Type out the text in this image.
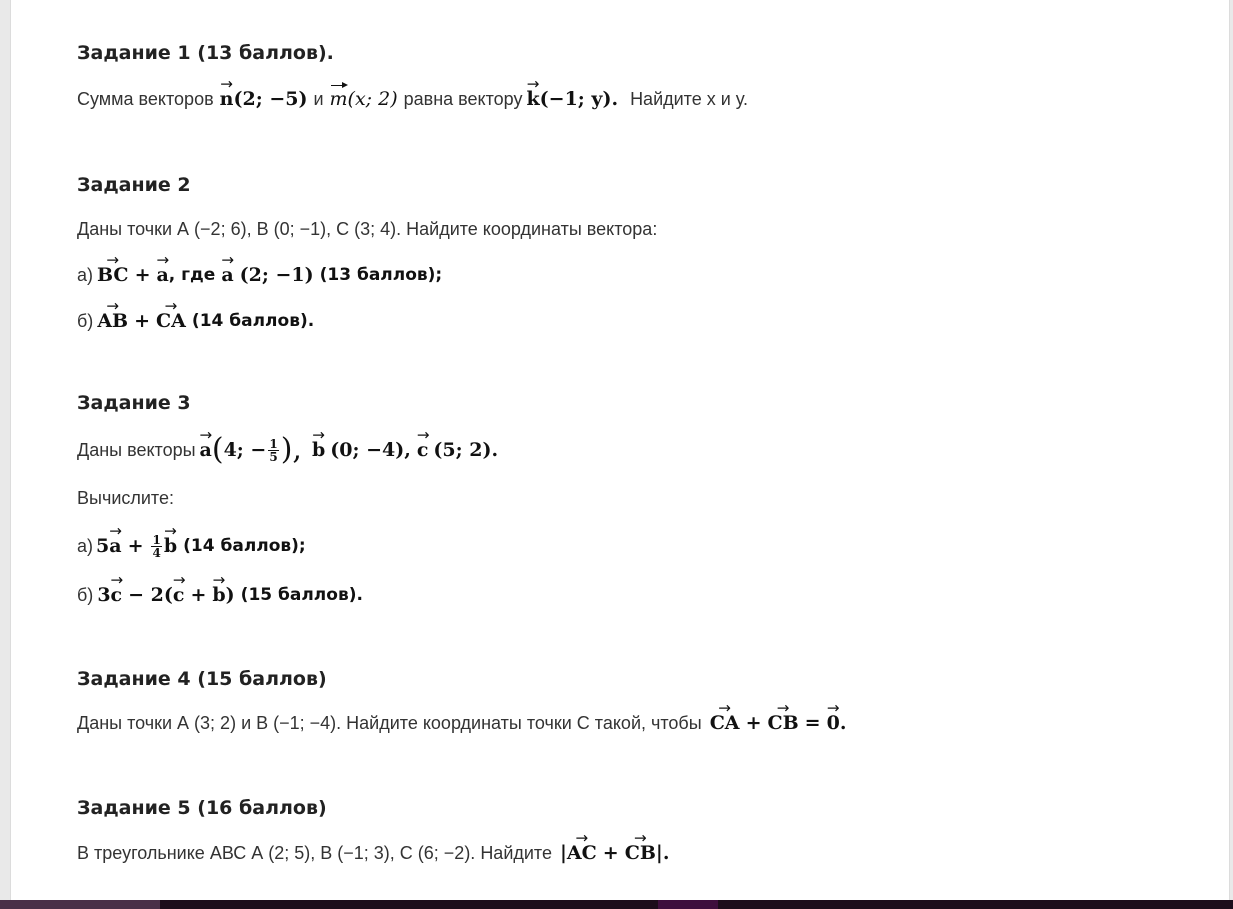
Задание 1 (13 баллов).
Сумма векторов n → (2; −5) и m (x; 2) равна вектору k → (−1; y). Найдите х и у.
Задание 2
Даны точки А (−2; 6), В (0; −1), С (3; 4). Найдите координаты вектора:
а) BC → + a → , где a → (2; −1) (13 баллов);
б) AB → + CA → (14 баллов).
Задание 3
Даны векторы a → ( 4; − $\frac{1}{5}$ ), b → (0; −4), c → (5; 2).
Вычислите:
а) 5 a → + $\frac{1}{4}$ b → (14 баллов);
б) 3 c → − 2( c → + b → ) (15 баллов).
Задание 4 (15 баллов)
Даны точки А (3; 2) и В (−1; −4). Найдите координаты точки С такой, чтобы CA → + CB → = 0 → .
Задание 5 (16 баллов)
В треугольнике АВС А (2; 5), В (−1; 3), С (6; −2). Найдите | AC → + CB → |.
